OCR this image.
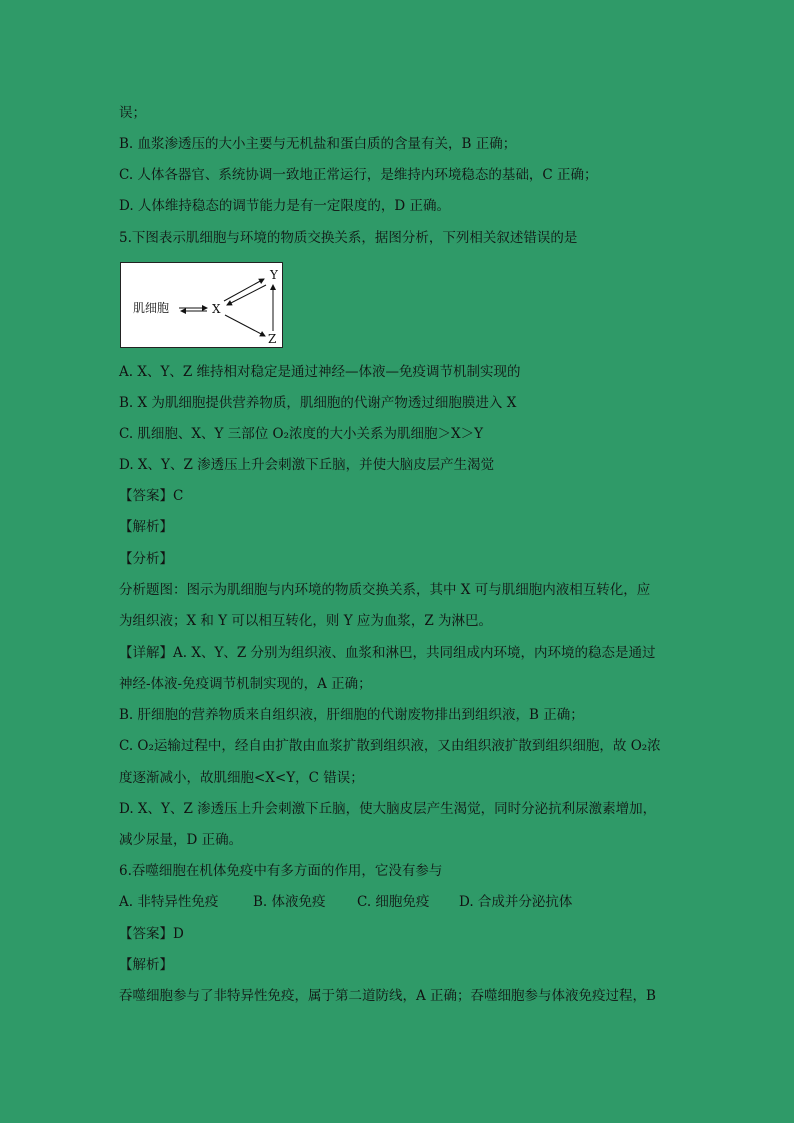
误；
B. 血浆渗透压的大小主要与无机盐和蛋白质的含量有关，B 正确；
C. 人体各器官、系统协调一致地正常运行，是维持内环境稳态的基础，C 正确；
D. 人体维持稳态的调节能力是有一定限度的，D 正确。
5.下图表示肌细胞与环境的物质交换关系，据图分析，下列相关叙述错误的是
肌细胞	X
Y
Z
A. X、Y、Z 维持相对稳定是通过神经—体液—免疫调节机制实现的
B. X 为肌细胞提供营养物质，肌细胞的代谢产物透过细胞膜进入 X
C. 肌细胞、X、Y 三部位 O₂浓度的大小关系为肌细胞＞X＞Y
D. X、Y、Z 渗透压上升会刺激下丘脑，并使大脑皮层产生渴觉
【答案】C
【解析】
【分析】
分析题图：图示为肌细胞与内环境的物质交换关系，其中 X 可与肌细胞内液相互转化，应
为组织液；X 和 Y 可以相互转化，则 Y 应为血浆，Z 为淋巴。
【详解】A. X、Y、Z 分别为组织液、血浆和淋巴，共同组成内环境，内环境的稳态是通过
神经-体液-免疫调节机制实现的，A 正确；
B. 肝细胞的营养物质来自组织液，肝细胞的代谢废物排出到组织液，B 正确；
C. O₂运输过程中，经自由扩散由血浆扩散到组织液，又由组织液扩散到组织细胞，故 O₂浓
度逐渐减小，故肌细胞<X<Y，C 错误；
D. X、Y、Z 渗透压上升会刺激下丘脑，使大脑皮层产生渴觉，同时分泌抗利尿激素增加，
减少尿量，D 正确。
6.吞噬细胞在机体免疫中有多方面的作用，它没有参与
A. 非特异性免疫	B. 体液免疫 C. 细胞免疫 D. 合成并分泌抗体
【答案】D
【解析】
吞噬细胞参与了非特异性免疫，属于第二道防线，A 正确；吞噬细胞参与体液免疫过程，B
